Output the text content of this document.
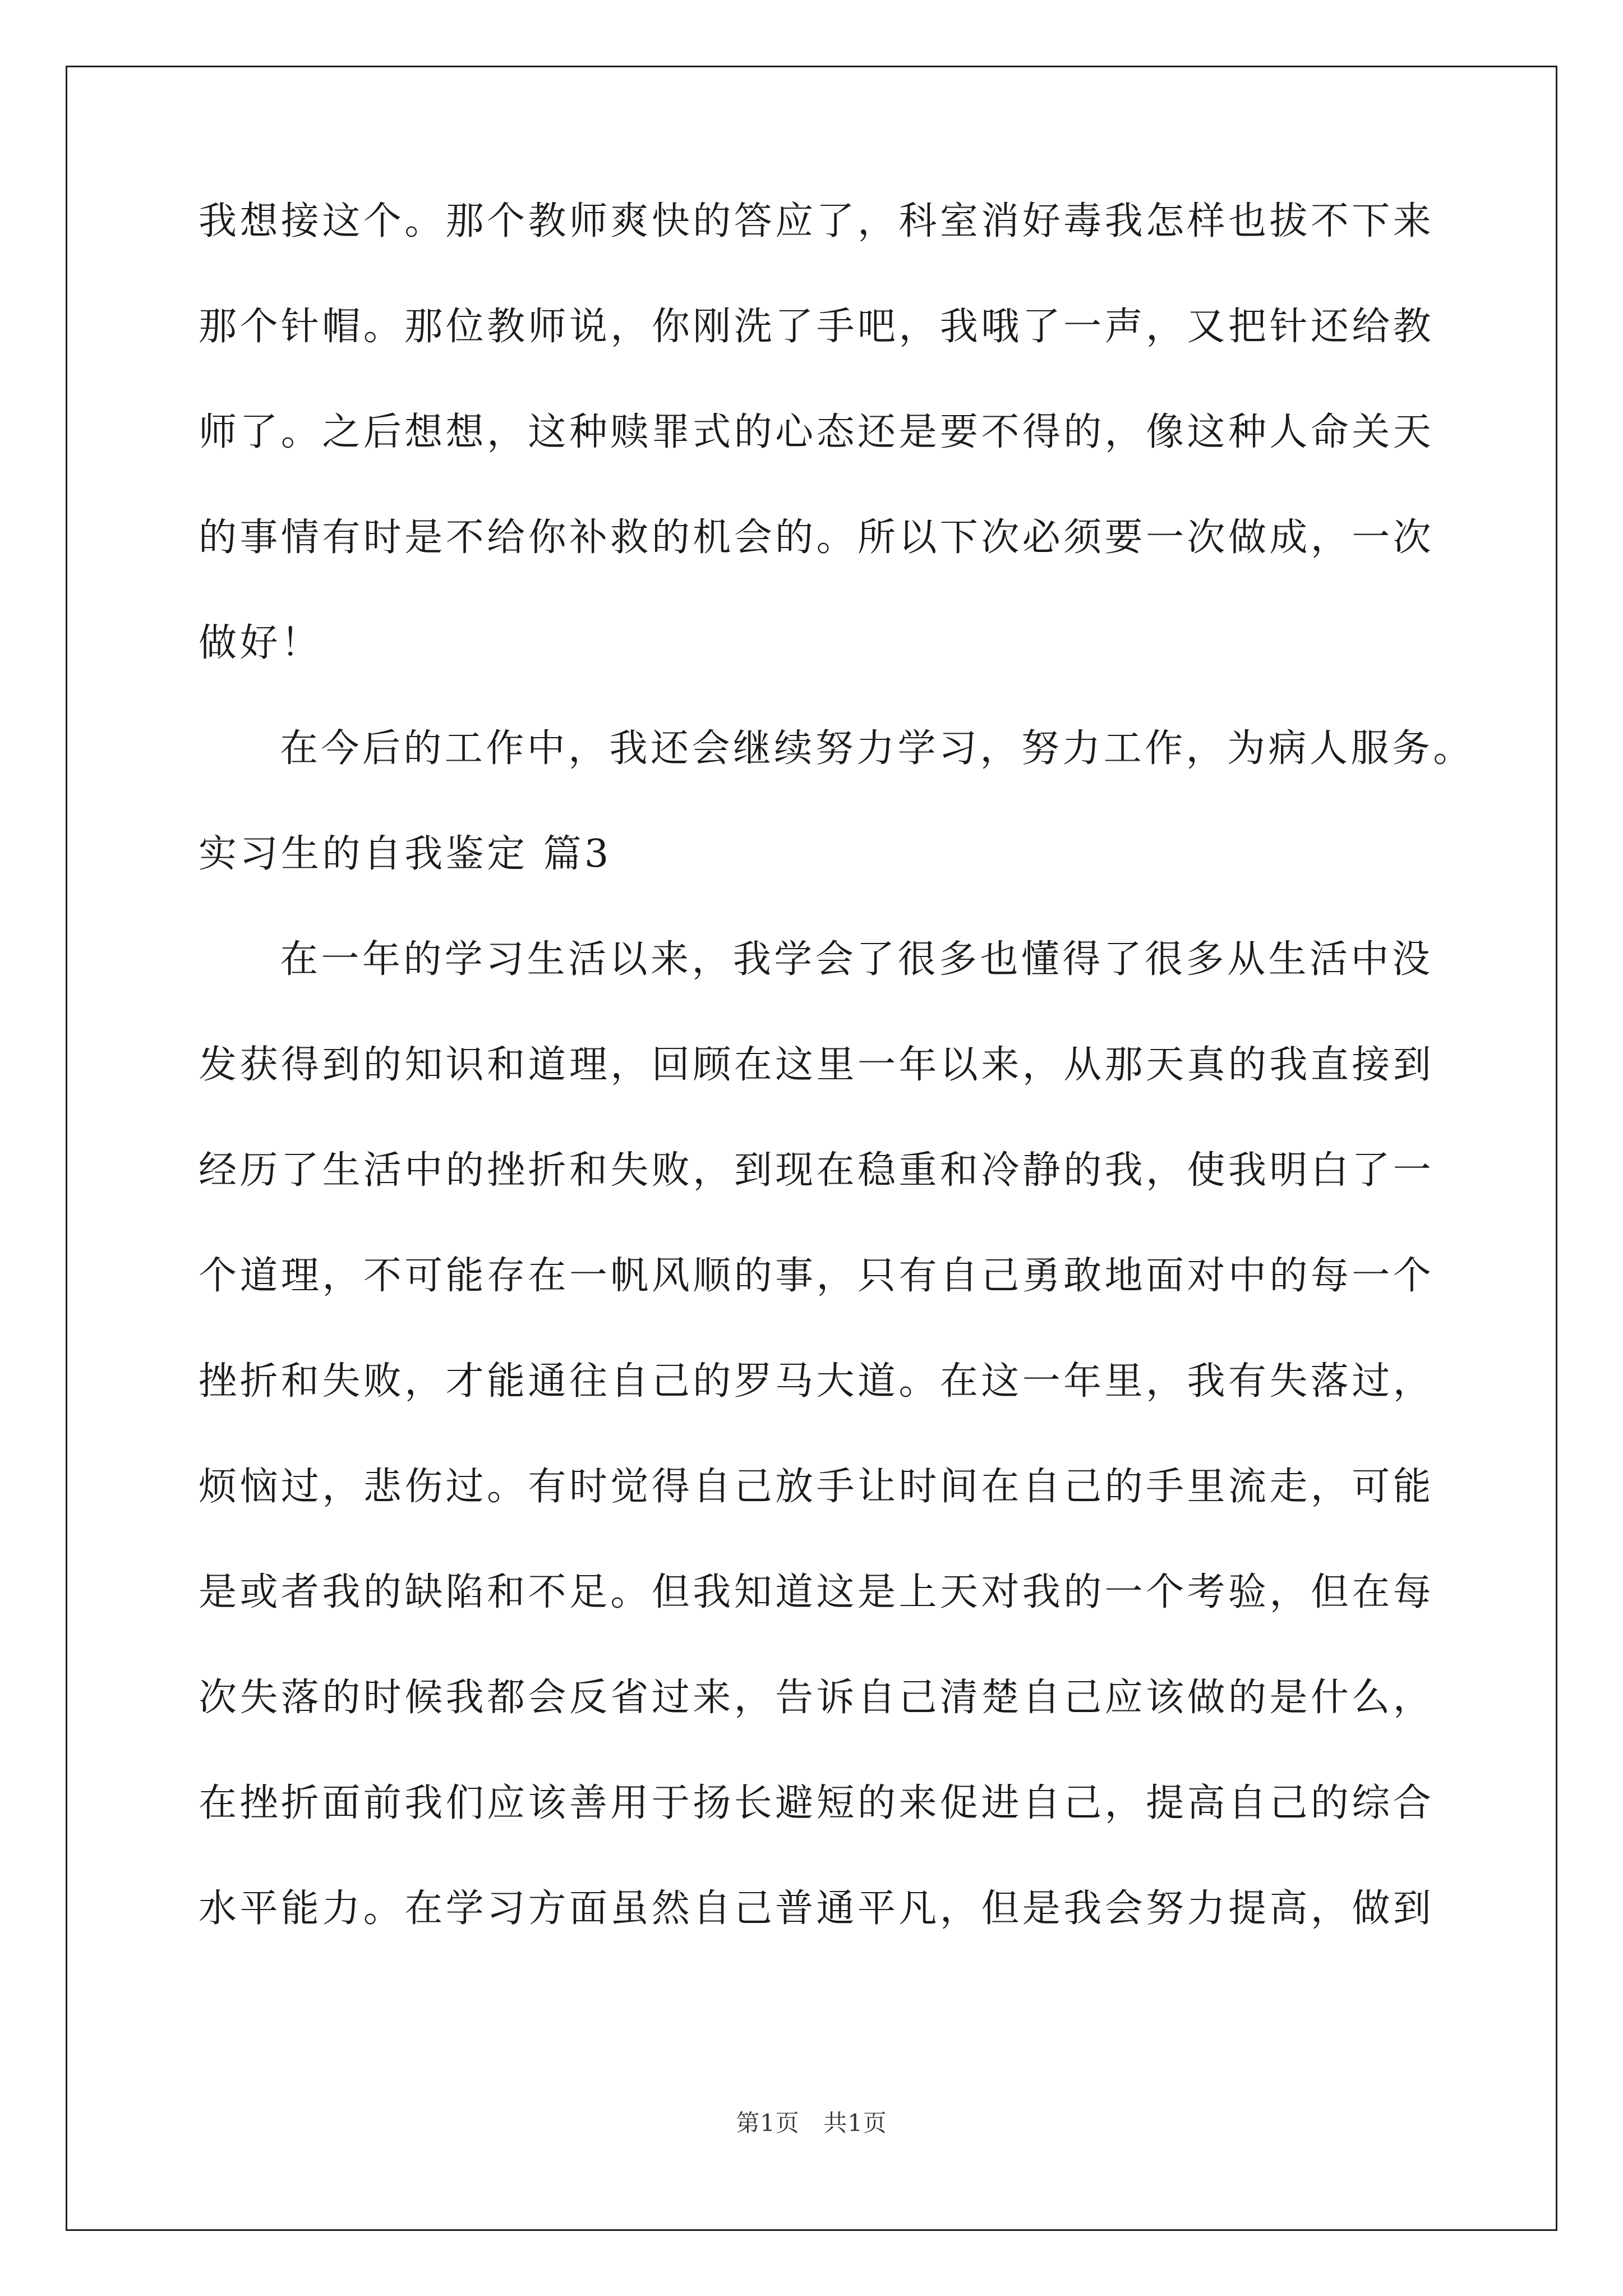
我想接这个。那个教师爽快的答应了，科室消好毒我怎样也拔不下来
那个针帽。那位教师说，你刚洗了手吧，我哦了一声，又把针还给教
师了。之后想想，这种赎罪式的心态还是要不得的，像这种人命关天
的事情有时是不给你补救的机会的。所以下次必须要一次做成，一次
做好！
在今后的工作中，我还会继续努力学习，努力工作，为病人服务。
实习生的自我鉴定 篇3
在一年的学习生活以来，我学会了很多也懂得了很多从生活中没
发获得到的知识和道理，回顾在这里一年以来，从那天真的我直接到
经历了生活中的挫折和失败，到现在稳重和冷静的我，使我明白了一
个道理，不可能存在一帆风顺的事，只有自己勇敢地面对中的每一个
挫折和失败，才能通往自己的罗马大道。在这一年里，我有失落过，
烦恼过，悲伤过。有时觉得自己放手让时间在自己的手里流走，可能
是或者我的缺陷和不足。但我知道这是上天对我的一个考验，但在每
次失落的时候我都会反省过来，告诉自己清楚自己应该做的是什么，
在挫折面前我们应该善用于扬长避短的来促进自己，提高自己的综合
水平能力。在学习方面虽然自己普通平凡，但是我会努力提高，做到
第1页　共1页
